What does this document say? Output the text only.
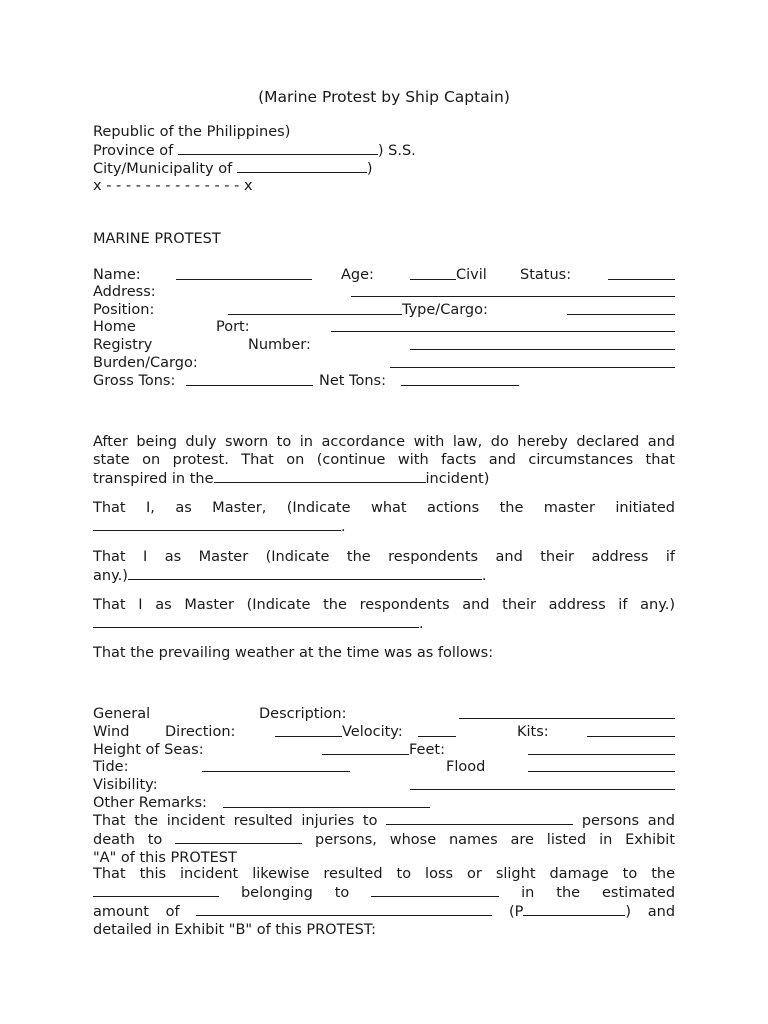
(Marine Protest by Ship Captain)
Republic of the Philippines)
Province of	) S.S.
City/Municipality of	)
x - - - - - - - - - - - - - - x
MARINE PROTEST
Name:	Age:	Civil Status:
Address:
Position:	Type/Cargo:
Home	Port:
Registry	Number:
Burden/Cargo:
Gross Tons:	Net Tons:
After being duly sworn to in accordance with law, do hereby declared and
state on protest. That on (continue with facts and circumstances that
transpired in the	incident)
That I, as Master, (Indicate what actions the master initiated
.
That I as Master (Indicate the respondents and their address if
any.)	.
That I as Master (Indicate the respondents and their address if any.)
.
That the prevailing weather at the time was as follows:
General	Description:
Wind Direction:	Velocity:	Kits:
Height of Seas:	Feet:
Tide:	Flood
Visibility:
Other Remarks:
That the incident resulted injuries to	persons and
death to	persons, whose names are listed in Exhibit
"A" of this PROTEST
That this incident likewise resulted to loss or slight damage to the
belonging to	in the estimated
amount of	(P	) and
detailed in Exhibit "B" of this PROTEST:
